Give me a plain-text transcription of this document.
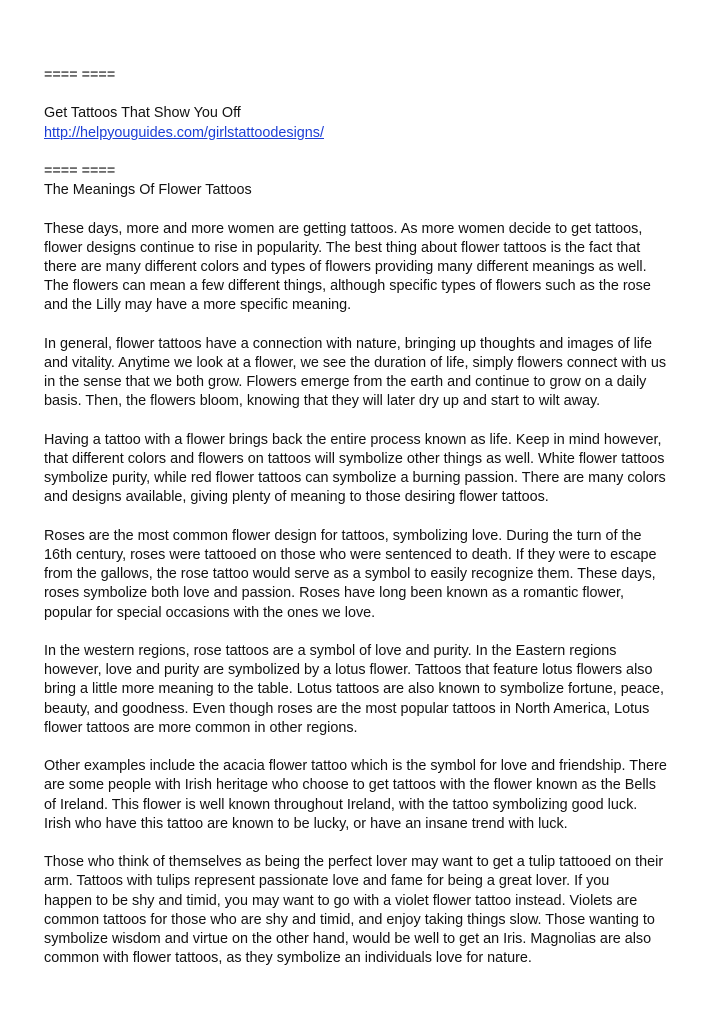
==== ====
Get Tattoos That Show You Off
http://helpyouguides.com/girlstattoodesigns/
==== ====
The Meanings Of Flower Tattoos
These days, more and more women are getting tattoos. As more women decide to get tattoos,
flower designs continue to rise in popularity. The best thing about flower tattoos is the fact that
there are many different colors and types of flowers providing many different meanings as well.
The flowers can mean a few different things, although specific types of flowers such as the rose
and the Lilly may have a more specific meaning.
In general, flower tattoos have a connection with nature, bringing up thoughts and images of life
and vitality. Anytime we look at a flower, we see the duration of life, simply flowers connect with us
in the sense that we both grow. Flowers emerge from the earth and continue to grow on a daily
basis. Then, the flowers bloom, knowing that they will later dry up and start to wilt away.
Having a tattoo with a flower brings back the entire process known as life. Keep in mind however,
that different colors and flowers on tattoos will symbolize other things as well. White flower tattoos
symbolize purity, while red flower tattoos can symbolize a burning passion. There are many colors
and designs available, giving plenty of meaning to those desiring flower tattoos.
Roses are the most common flower design for tattoos, symbolizing love. During the turn of the
16th century, roses were tattooed on those who were sentenced to death. If they were to escape
from the gallows, the rose tattoo would serve as a symbol to easily recognize them. These days,
roses symbolize both love and passion. Roses have long been known as a romantic flower,
popular for special occasions with the ones we love.
In the western regions, rose tattoos are a symbol of love and purity. In the Eastern regions
however, love and purity are symbolized by a lotus flower. Tattoos that feature lotus flowers also
bring a little more meaning to the table. Lotus tattoos are also known to symbolize fortune, peace,
beauty, and goodness. Even though roses are the most popular tattoos in North America, Lotus
flower tattoos are more common in other regions.
Other examples include the acacia flower tattoo which is the symbol for love and friendship. There
are some people with Irish heritage who choose to get tattoos with the flower known as the Bells
of Ireland. This flower is well known throughout Ireland, with the tattoo symbolizing good luck.
Irish who have this tattoo are known to be lucky, or have an insane trend with luck.
Those who think of themselves as being the perfect lover may want to get a tulip tattooed on their
arm. Tattoos with tulips represent passionate love and fame for being a great lover. If you
happen to be shy and timid, you may want to go with a violet flower tattoo instead. Violets are
common tattoos for those who are shy and timid, and enjoy taking things slow. Those wanting to
symbolize wisdom and virtue on the other hand, would be well to get an Iris. Magnolias are also
common with flower tattoos, as they symbolize an individuals love for nature.
